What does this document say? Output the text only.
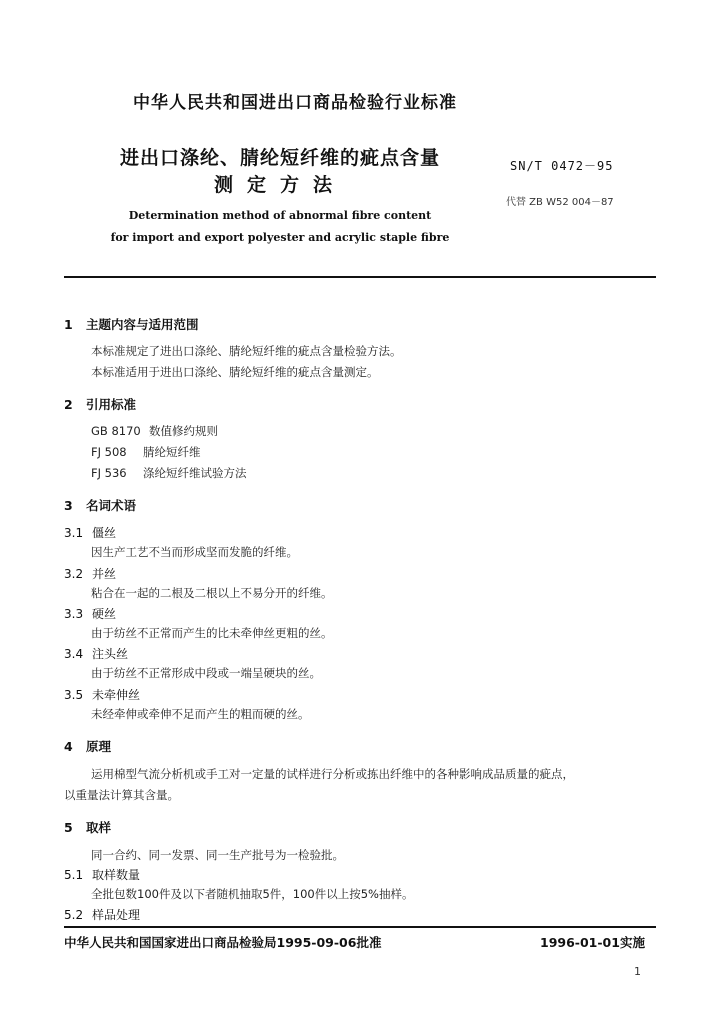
中华人民共和国进出口商品检验行业标准
进出口涤纶、腈纶短纤维的疵点含量
测定方法
SN/T 0472－95
代替 ZB W52 004－87
Determination method of abnormal fibre content
for import and export polyester and acrylic staple fibre
1 主题内容与适用范围
本标准规定了进出口涤纶、腈纶短纤维的疵点含量检验方法。
本标准适用于进出口涤纶、腈纶短纤维的疵点含量测定。
2 引用标准
GB 8170 数值修约规则
FJ 508 腈纶短纤维
FJ 536 涤纶短纤维试验方法
3 名词术语
3.1 僵丝
因生产工艺不当而形成坚而发脆的纤维。
3.2 并丝
粘合在一起的二根及二根以上不易分开的纤维。
3.3 硬丝
由于纺丝不正常而产生的比未牵伸丝更粗的丝。
3.4 注头丝
由于纺丝不正常形成中段或一端呈硬块的丝。
3.5 未牵伸丝
未经牵伸或牵伸不足而产生的粗而硬的丝。
4 原理
运用棉型气流分析机或手工对一定量的试样进行分析或拣出纤维中的各种影响成品质量的疵点，
以重量法计算其含量。
5 取样
同一合约、同一发票、同一生产批号为一检验批。
5.1 取样数量
全批包数100件及以下者随机抽取5件，100件以上按5%抽样。
5.2 样品处理
中华人民共和国国家进出口商品检验局1995-09-06批准	1996-01-01实施
1
